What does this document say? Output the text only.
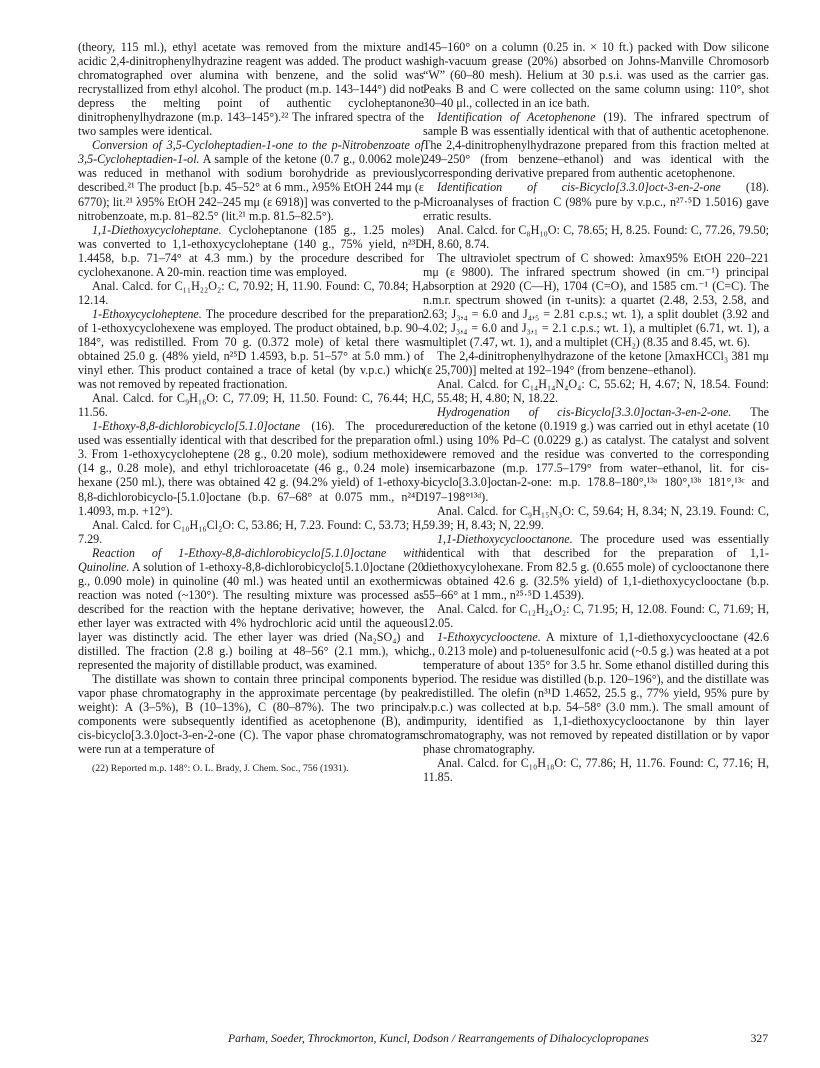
(theory, 115 ml.), ethyl acetate was removed from the mixture and acidic 2,4-dinitrophenylhydrazine reagent was added. The product was chromatographed over alumina with benzene, and the solid was recrystallized from ethyl alcohol. The product (m.p. 143–144°) did not depress the melting point of authentic cycloheptanone dinitrophenylhydrazone (m.p. 143–145°).²² The infrared spectra of the two samples were identical.

Conversion of 3,5-Cycloheptadien-1-one to the p-Nitrobenzoate of 3,5-Cycloheptadien-1-ol. A sample of the ketone (0.7 g., 0.0062 mole) was reduced in methanol with sodium borohydride as previously described.²¹ The product [b.p. 45–52° at 6 mm., λ95% EtOH 244 mμ (ε 6770); lit.²¹ λ95% EtOH 242–245 mμ (ε 6918)] was converted to the p-nitrobenzoate, m.p. 81–82.5° (lit.²¹ m.p. 81.5–82.5°).

1,1-Diethoxycycloheptane. Cycloheptanone (185 g., 1.25 moles) was converted to 1,1-ethoxycycloheptane (140 g., 75% yield, n²³D 1.4458, b.p. 71–74° at 4.3 mm.) by the procedure described for cyclohexanone. A 20-min. reaction time was employed.

Anal. Calcd. for C₁₁H₂₂O₂: C, 70.92; H, 11.90. Found: C, 70.84; H, 12.14.

1-Ethoxycycloheptene. The procedure described for the preparation of 1-ethoxycyclohexene was employed. The product obtained, b.p. 90–184°, was redistilled. From 70 g. (0.372 mole) of ketal there was obtained 25.0 g. (48% yield, n²⁵D 1.4593, b.p. 51–57° at 5.0 mm.) of vinyl ether. This product contained a trace of ketal (by v.p.c.) which was not removed by repeated fractionation.

Anal. Calcd. for C₉H₁₆O: C, 77.09; H, 11.50. Found: C, 76.44; H, 11.56.

1-Ethoxy-8,8-dichlorobicyclo[5.1.0]octane (16). The procedure used was essentially identical with that described for the preparation of 3. From 1-ethoxycycloheptene (28 g., 0.20 mole), sodium methoxide (14 g., 0.28 mole), and ethyl trichloroacetate (46 g., 0.24 mole) in hexane (250 ml.), there was obtained 42 g. (94.2% yield) of 1-ethoxy-8,8-dichlorobicyclo-[5.1.0]octane (b.p. 67–68° at 0.075 mm., n²⁴D 1.4093, m.p. +12°).

Anal. Calcd. for C₁₀H₁₆Cl₂O: C, 53.86; H, 7.23. Found: C, 53.73; H, 7.29.

Reaction of 1-Ethoxy-8,8-dichlorobicyclo[5.1.0]octane with Quinoline. A solution of 1-ethoxy-8,8-dichlorobicyclo[5.1.0]octane (20 g., 0.090 mole) in quinoline (40 ml.) was heated until an exothermic reaction was noted (~130°). The resulting mixture was processed as described for the reaction with the heptane derivative; however, the ether layer was extracted with 4% hydrochloric acid until the aqueous layer was distinctly acid. The ether layer was dried (Na₂SO₄) and distilled. The fraction (2.8 g.) boiling at 48–56° (2.1 mm.), which represented the majority of distillable product, was examined.

The distillate was shown to contain three principal components by vapor phase chromatography in the approximate percentage (by peak weight): A (3–5%), B (10–13%), C (80–87%). The two principal components were subsequently identified as acetophenone (B), and cis-bicyclo[3.3.0]oct-3-en-2-one (C). The vapor phase chromatograms were run at a temperature of

(22) Reported m.p. 148°: O. L. Brady, J. Chem. Soc., 756 (1931).

145–160° on a column (0.25 in. × 10 ft.) packed with Dow silicone high-vacuum grease (20%) absorbed on Johns-Manville Chromosorb “W” (60–80 mesh). Helium at 30 p.s.i. was used as the carrier gas. Peaks B and C were collected on the same column using: 110°, shot 30–40 μl., collected in an ice bath.

Identification of Acetophenone (19). The infrared spectrum of sample B was essentially identical with that of authentic acetophenone. The 2,4-dinitrophenylhydrazone prepared from this fraction melted at 249–250° (from benzene–ethanol) and was identical with the corresponding derivative prepared from authentic acetophenone.

Identification of cis-Bicyclo[3.3.0]oct-3-en-2-one (18). Microanalyses of fraction C (98% pure by v.p.c., n²⁷·⁵D 1.5016) gave erratic results.

Anal. Calcd. for C₈H₁₀O: C, 78.65; H, 8.25. Found: C, 77.26, 79.50; H, 8.60, 8.74.

The ultraviolet spectrum of C showed: λmax95% EtOH 220–221 mμ (ε 9800). The infrared spectrum showed (in cm.⁻¹) principal absorption at 2920 (C—H), 1704 (C=O), and 1585 cm.⁻¹ (C=C). The n.m.r. spectrum showed (in τ-units): a quartet (2.48, 2.53, 2.58, and 2.63; J₃,₄ = 6.0 and J₄,₅ = 2.81 c.p.s.; wt. 1), a split doublet (3.92 and 4.02; J₃,₄ = 6.0 and J₃,₁ = 2.1 c.p.s.; wt. 1), a multiplet (6.71, wt. 1), a multiplet (7.47, wt. 1), and a multiplet (CH₂) (8.35 and 8.45, wt. 6).

The 2,4-dinitrophenylhydrazone of the ketone [λmaxHCCl₃ 381 mμ (ε 25,700)] melted at 192–194° (from benzene–ethanol).

Anal. Calcd. for C₁₄H₁₄N₄O₄: C, 55.62; H, 4.67; N, 18.54. Found: C, 55.48; H, 4.80; N, 18.22.

Hydrogenation of cis-Bicyclo[3.3.0]octan-3-en-2-one. The reduction of the ketone (0.1919 g.) was carried out in ethyl acetate (10 ml.) using 10% Pd–C (0.0229 g.) as catalyst. The catalyst and solvent were removed and the residue was converted to the corresponding semicarbazone (m.p. 177.5–179° from water–ethanol, lit. for cis-bicyclo[3.3.0]octan-2-one: m.p. 178.8–180°,¹³ᵃ 180°,¹³ᵇ 181°,¹³ᶜ and 197–198°¹³ᵈ).

Anal. Calcd. for C₉H₁₅N₃O: C, 59.64; H, 8.34; N, 23.19. Found: C, 59.39; H, 8.43; N, 22.99.

1,1-Diethoxycyclooctanone. The procedure used was essentially identical with that described for the preparation of 1,1-diethoxycylohexane. From 82.5 g. (0.655 mole) of cyclooctanone there was obtained 42.6 g. (32.5% yield) of 1,1-diethoxycyclooctane (b.p. 55–66° at 1 mm., n²⁵·⁵D 1.4539).

Anal. Calcd. for C₁₂H₂₄O₂: C, 71.95; H, 12.08. Found: C, 71.69; H, 12.05.

1-Ethoxycyclooctene. A mixture of 1,1-diethoxycyclooctane (42.6 g., 0.213 mole) and p-toluenesulfonic acid (~0.5 g.) was heated at a pot temperature of about 135° for 3.5 hr. Some ethanol distilled during this period. The residue was distilled (b.p. 120–196°), and the distillate was redistilled. The olefin (n³¹D 1.4652, 25.5 g., 77% yield, 95% pure by v.p.c.) was collected at b.p. 54–58° (3.0 mm.). The small amount of impurity, identified as 1,1-diethoxycyclooctanone by thin layer chromatography, was not removed by repeated distillation or by vapor phase chromatography.

Anal. Calcd. for C₁₀H₁₈O: C, 77.86; H, 11.76. Found: C, 77.16; H, 11.85.

Parham, Soeder, Throckmorton, Kuncl, Dodson / Rearrangements of Dihalocyclopropanes	327
